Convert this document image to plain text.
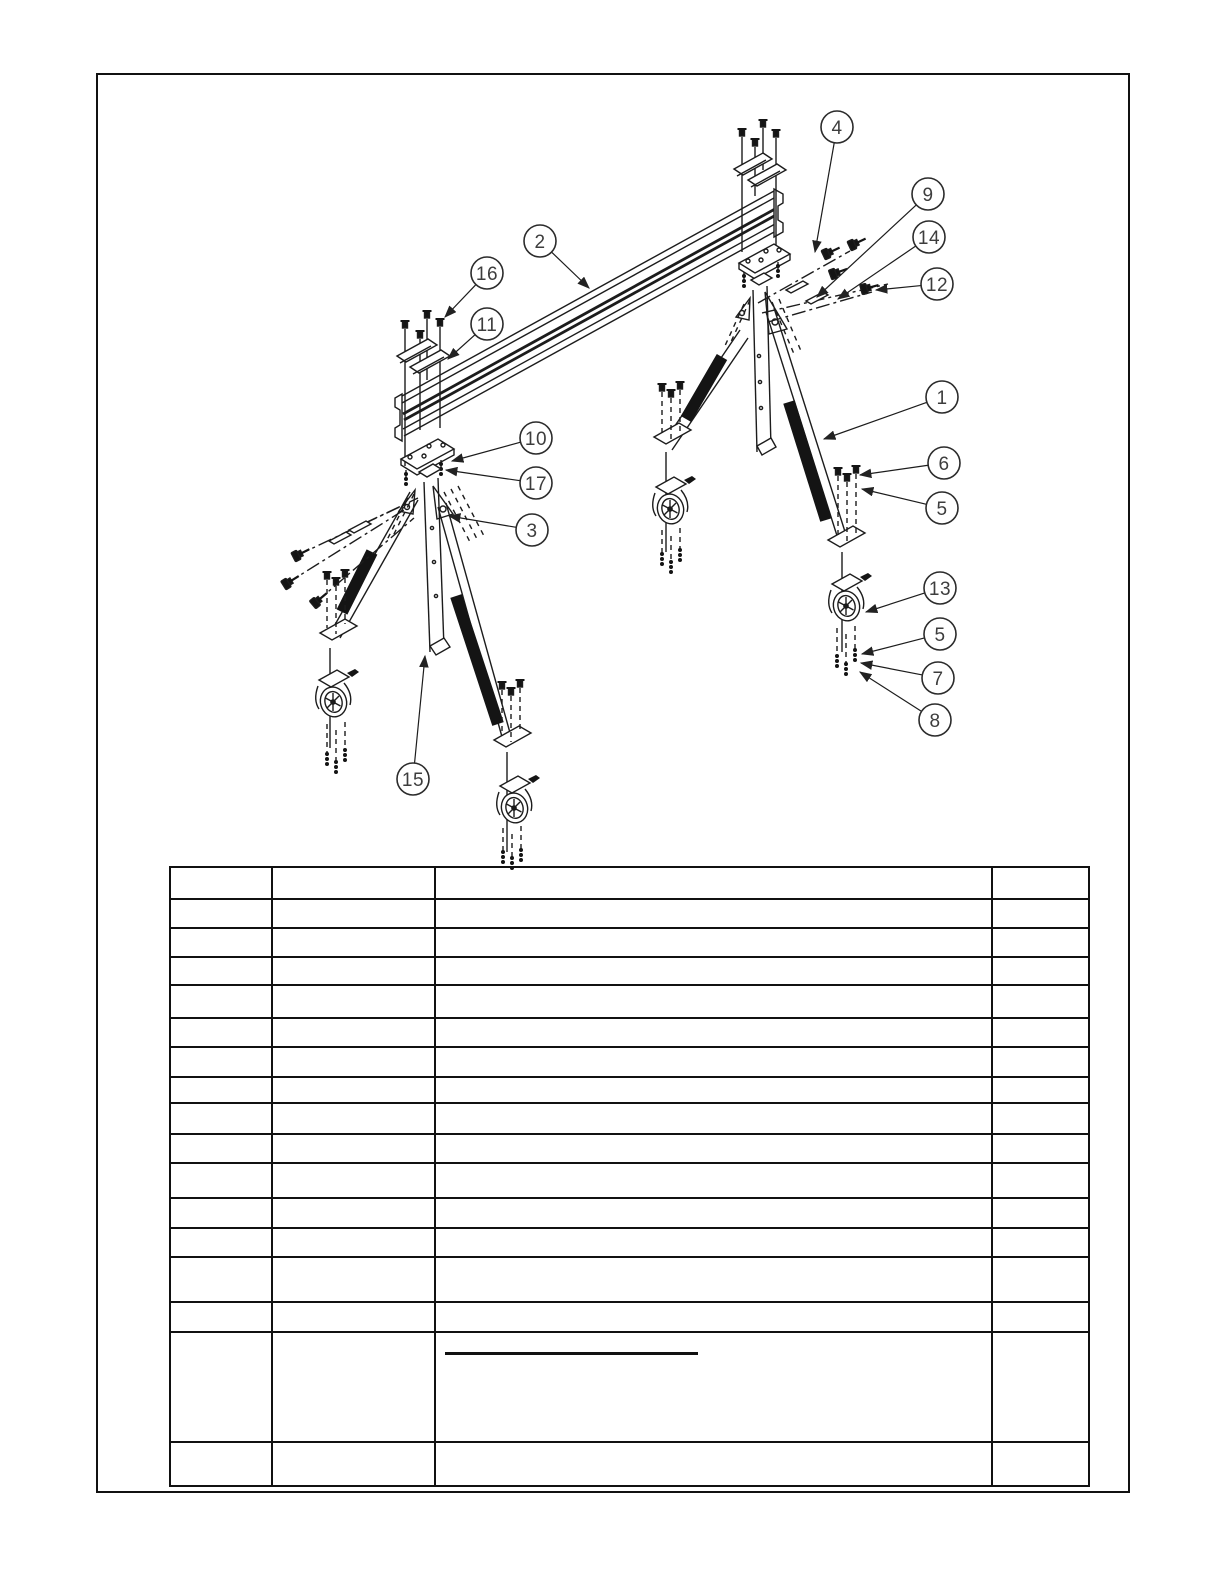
2
16
11
10
17
3
15
4
9
14
12
1
6
5
13
5
7
8
